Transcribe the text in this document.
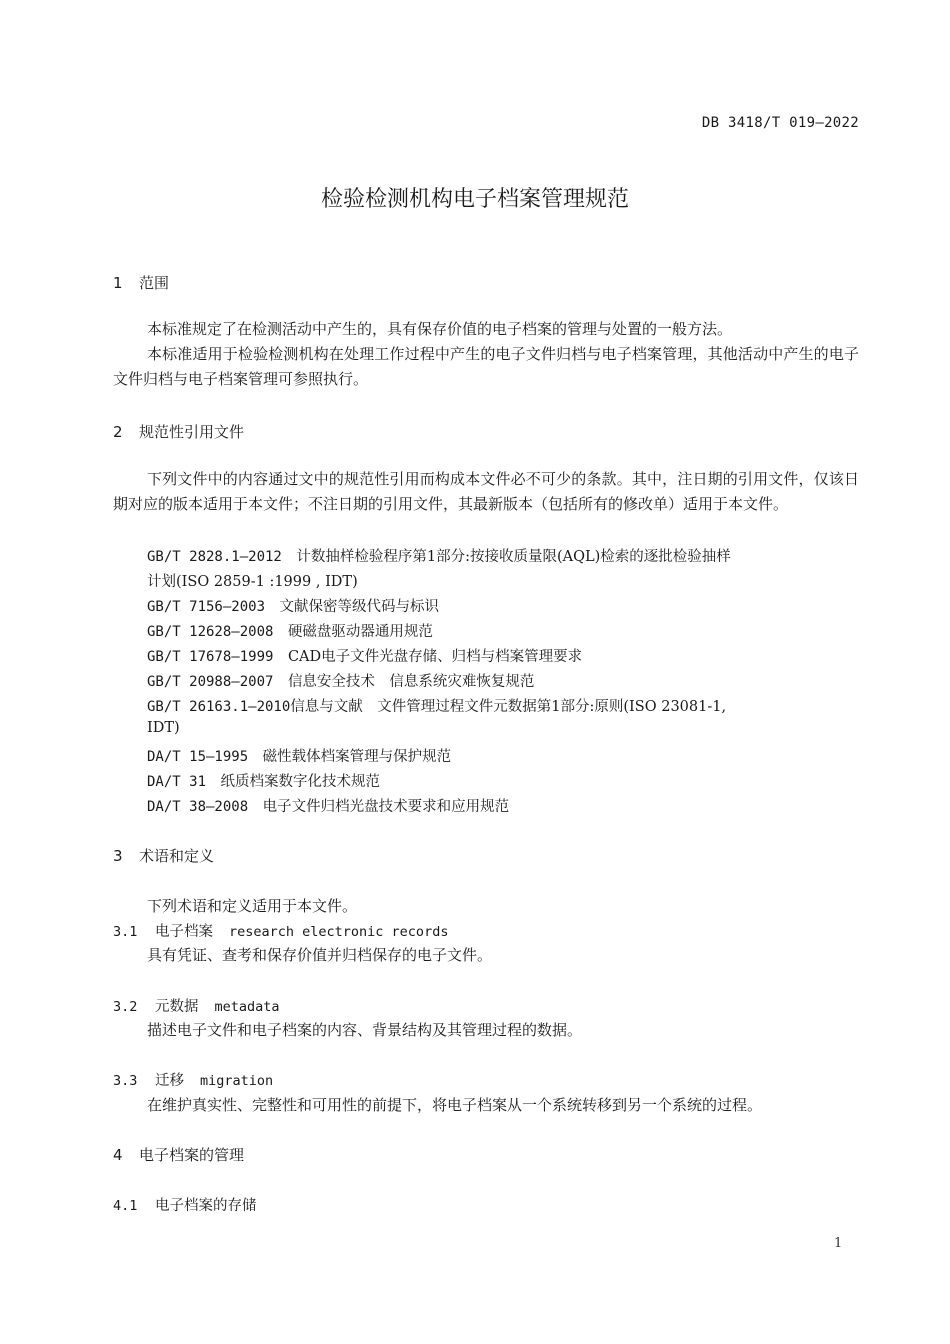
DB 3418/T 019—2022
检验检测机构电子档案管理规范
1 范围

本标准规定了在检测活动中产生的，具有保存价值的电子档案的管理与处置的一般方法。

本标准适用于检验检测机构在处理工作过程中产生的电子文件归档与电子档案管理，其他活动中产生的电子文件归档与电子档案管理可参照执行。

2 规范性引用文件

下列文件中的内容通过文中的规范性引用而构成本文件必不可少的条款。其中，注日期的引用文件，仅该日期对应的版本适用于本文件；不注日期的引用文件，其最新版本（包括所有的修改单）适用于本文件。

GB/T 2828.1—2012　 计数抽样检验程序第1部分:按接收质量限(AQL)检索的逐批检验抽样
计划(ISO 2859-1 :1999 , IDT)
GB/T 7156—2003　 文献保密等级代码与标识
GB/T 12628—2008　 硬磁盘驱动器通用规范
GB/T 17678—1999　 CAD电子文件光盘存储、归档与档案管理要求
GB/T 20988—2007　 信息安全技术　信息系统灾难恢复规范
GB/T 26163.1—2010信息与文献　文件管理过程文件元数据第1部分:原则(ISO 23081-1,
IDT)
DA/T 15—1995　 磁性载体档案管理与保护规范
DA/T 31　 纸质档案数字化技术规范
DA/T 38—2008　 电子文件归档光盘技术要求和应用规范
3 术语和定义
下列术语和定义适用于本文件。
3.1 电子档案 research electronic records
具有凭证、查考和保存价值并归档保存的电子文件。
3.2 元数据 metadata
描述电子文件和电子档案的内容、背景结构及其管理过程的数据。
3.3 迁移 migration
在维护真实性、完整性和可用性的前提下，将电子档案从一个系统转移到另一个系统的过程。
4 电子档案的管理
4.1 电子档案的存储
1
